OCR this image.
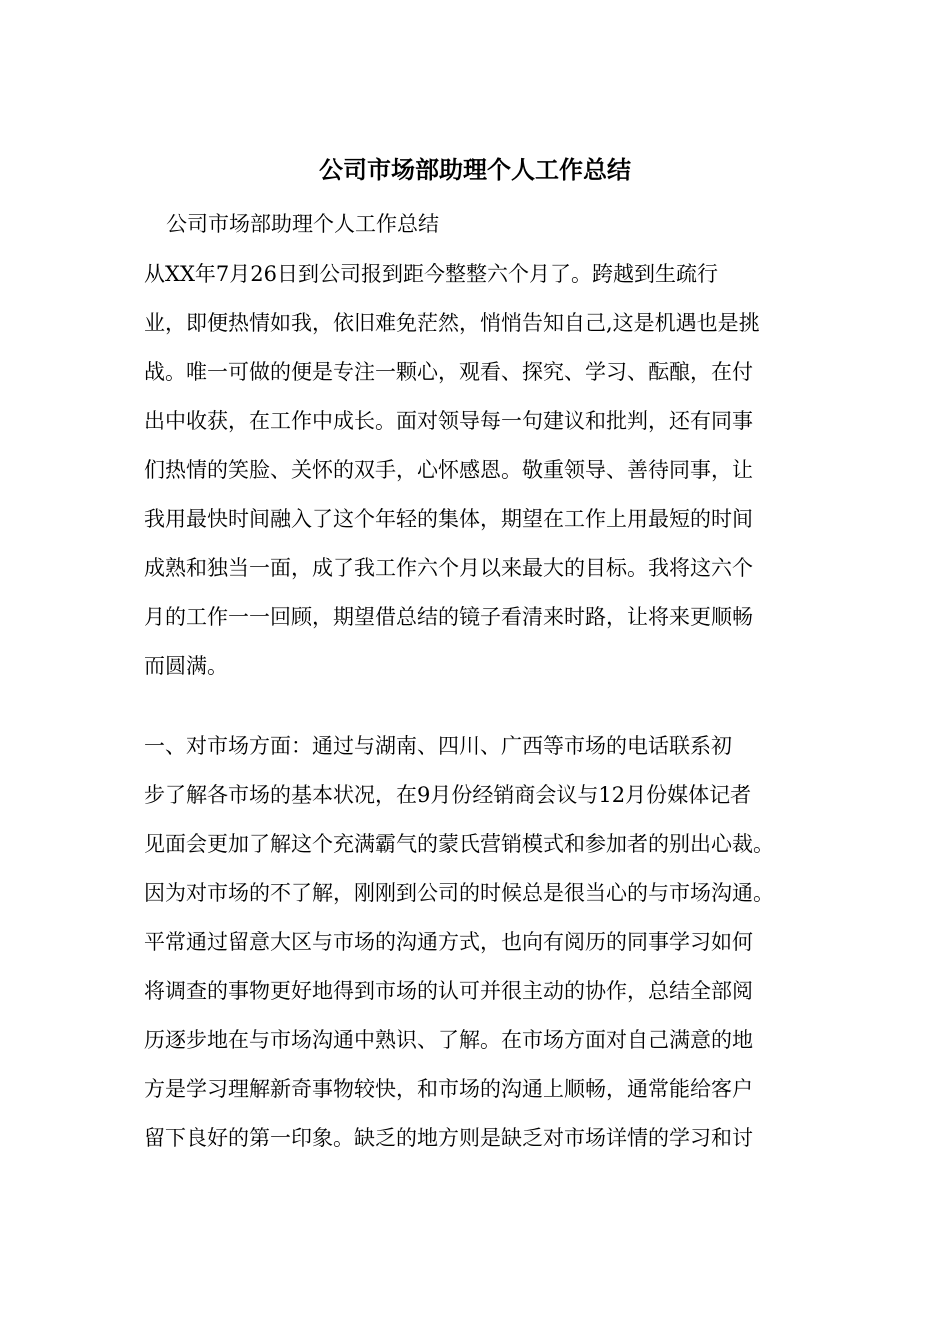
公司市场部助理个人工作总结

公司市场部助理个人工作总结

从XX年7月26日到公司报到距今整整六个月了。跨越到生疏行
业，即便热情如我，依旧难免茫然，悄悄告知自己,这是机遇也是挑
战。唯一可做的便是专注一颗心，观看、探究、学习、酝酿，在付
出中收获，在工作中成长。面对领导每一句建议和批判，还有同事
们热情的笑脸、关怀的双手，心怀感恩。敬重领导、善待同事，让
我用最快时间融入了这个年轻的集体，期望在工作上用最短的时间
成熟和独当一面，成了我工作六个月以来最大的目标。我将这六个
月的工作一一回顾，期望借总结的镜子看清来时路，让将来更顺畅
而圆满。
一、对市场方面：通过与湖南、四川、广西等市场的电话联系初
步了解各市场的基本状况，在9月份经销商会议与12月份媒体记者
见面会更加了解这个充满霸气的蒙氏营销模式和参加者的别出心裁。
因为对市场的不了解，刚刚到公司的时候总是很当心的与市场沟通。
平常通过留意大区与市场的沟通方式，也向有阅历的同事学习如何
将调查的事物更好地得到市场的认可并很主动的协作，总结全部阅
历逐步地在与市场沟通中熟识、了解。在市场方面对自己满意的地
方是学习理解新奇事物较快，和市场的沟通上顺畅，通常能给客户
留下良好的第一印象。缺乏的地方则是缺乏对市场详情的学习和讨
